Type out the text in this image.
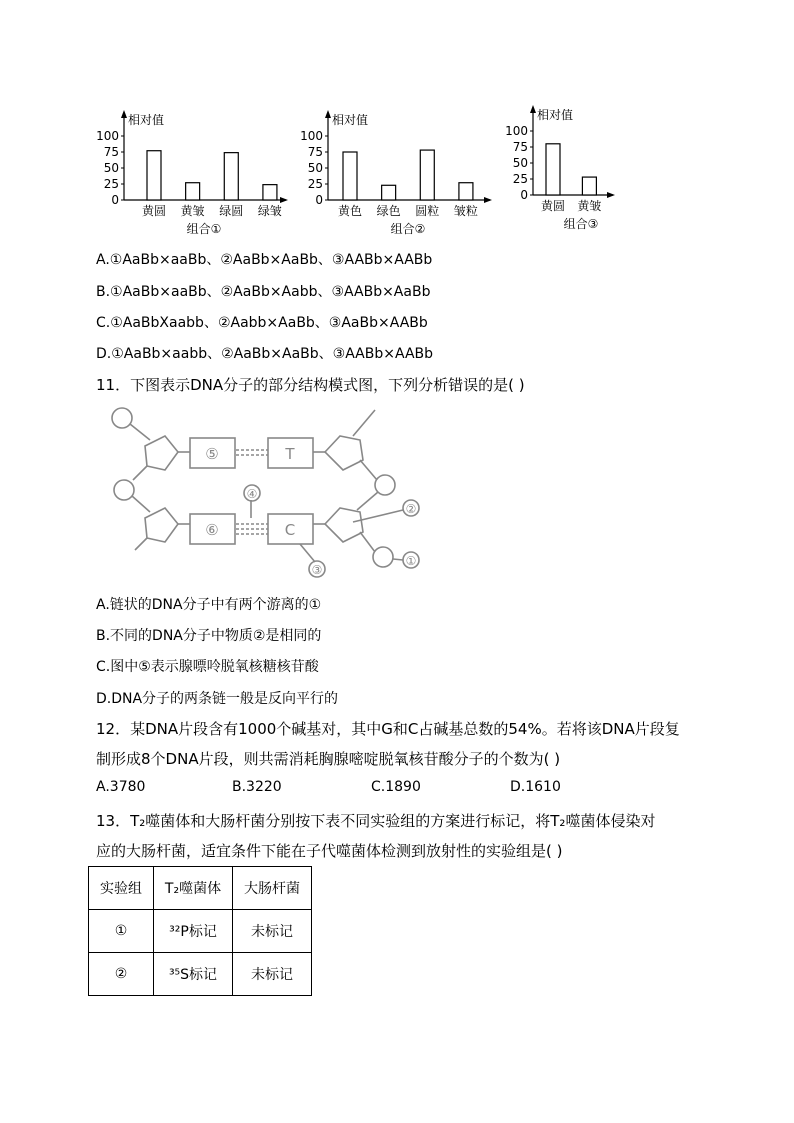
相对值
100
75
50
25
0
黄圆 黄皱 绿圆 绿皱
组合①
相对值
100
75
50
25
0
黄色 绿色 圆粒 皱粒
组合②
相对值
100
75
50
25
0
黄圆 黄皱
组合③
A.①AaBb×aaBb、②AaBb×AaBb、③AABb×AABb
B.①AaBb×aaBb、②AaBb×Aabb、③AABb×AaBb
C.①AaBbXaabb、②Aabb×AaBb、③AaBb×AABb
D.①AaBb×aabb、②AaBb×AaBb、③AABb×AABb
11．下图表示DNA分子的部分结构模式图，下列分析错误的是( )
⑤	T
⑥	C
④
③
②
①
A.链状的DNA分子中有两个游离的①
B.不同的DNA分子中物质②是相同的
C.图中⑤表示腺嘌呤脱氧核糖核苷酸
D.DNA分子的两条链一般是反向平行的
12．某DNA片段含有1000个碱基对，其中G和C占碱基总数的54%。若将该DNA片段复
制形成8个DNA片段，则共需消耗胸腺嘧啶脱氧核苷酸分子的个数为( )
A.3780	B.3220	C.1890	D.1610
13．T₂噬菌体和大肠杆菌分别按下表不同实验组的方案进行标记，将T₂噬菌体侵染对
应的大肠杆菌，适宜条件下能在子代噬菌体检测到放射性的实验组是( )
实验组	T₂噬菌体	大肠杆菌
①	³²P标记	未标记
②	³⁵S标记	未标记
